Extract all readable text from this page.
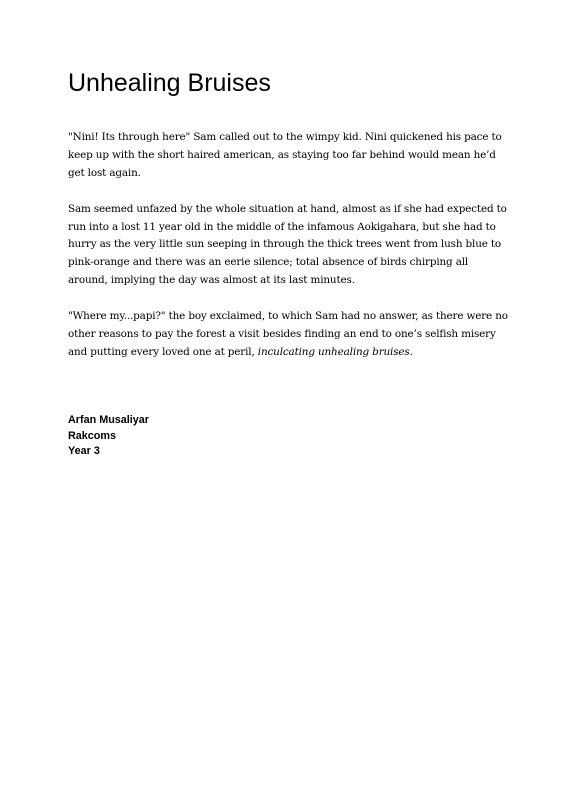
Unhealing Bruises

"Nini! Its through here" Sam called out to the wimpy kid. Nini quickened his pace to keep up with the short haired american, as staying too far behind would mean he’d get lost again.

Sam seemed unfazed by the whole situation at hand, almost as if she had expected to run into a lost 11 year old in the middle of the infamous Aokigahara, but she had to hurry as the very little sun seeping in through the thick trees went from lush blue to pink-orange and there was an eerie silence; total absence of birds chirping all around, implying the day was almost at its last minutes.

"Where my...papi?" the boy exclaimed, to which Sam had no answer, as there were no other reasons to pay the forest a visit besides finding an end to one’s selfish misery and putting every loved one at peril, inculcating unhealing bruises.

Arfan Musaliyar
Rakcoms
Year 3
